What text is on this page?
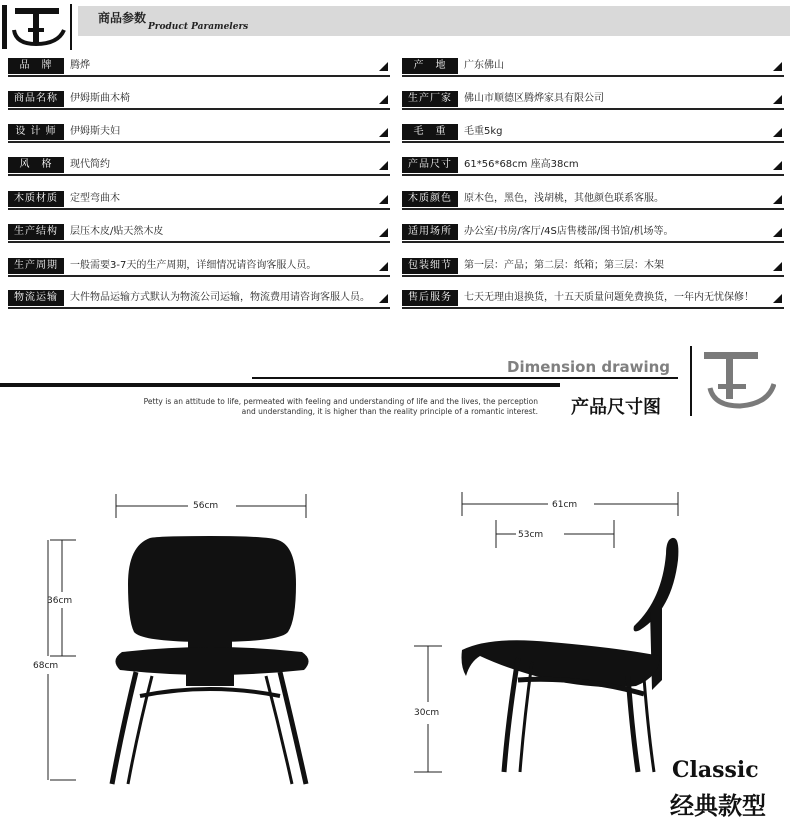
商品参数
Product Paramelers
品　牌	腾烨
商品名称	伊姆斯曲木椅
设 计 师	伊姆斯夫妇
风　格	现代简约
木质材质	定型弯曲木
生产结构	层压木皮/贴天然木皮
生产周期	一般需要3-7天的生产周期，详细情况请咨询客服人员。
物流运输	大件物品运输方式默认为物流公司运输，物流费用请咨询客服人员。
产　地	广东佛山
生产厂家	佛山市顺德区腾烨家具有限公司
毛　重	毛重5kg
产品尺寸	61*56*68cm 座高38cm
木质颜色	原木色，黑色，浅胡桃，其他颜色联系客服。
适用场所	办公室/书房/客厅/4S店售楼部/图书馆/机场等。
包装细节	第一层：产品；第二层：纸箱；第三层：木架
售后服务	七天无理由退换货，十五天质量问题免费换货，一年内无忧保修！
Dimension drawing
产品尺寸图
Petty is an attitude to life, permeated with feeling and understanding of life and the lives, the perception
and understanding, it is higher than the reality principle of a romantic interest.
56cm
36cm
68cm
61cm
53cm
30cm
Classic
经典款型
